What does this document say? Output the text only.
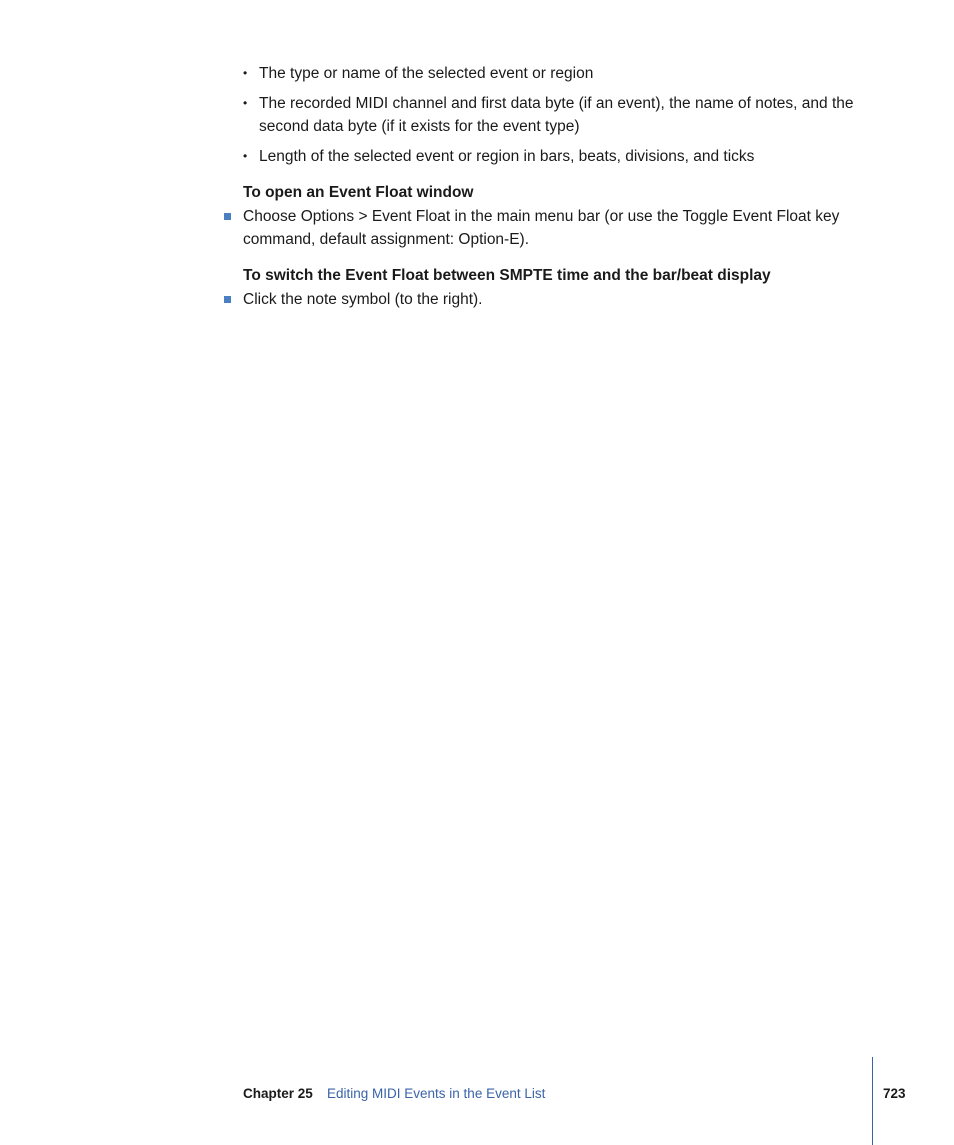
• The type or name of the selected event or region
• The recorded MIDI channel and first data byte (if an event), the name of notes, and the second data byte (if it exists for the event type)
• Length of the selected event or region in bars, beats, divisions, and ticks
To open an Event Float window
Choose Options > Event Float in the main menu bar (or use the Toggle Event Float key command, default assignment: Option-E).
To switch the Event Float between SMPTE time and the bar/beat display
Click the note symbol (to the right).
Chapter 25 Editing MIDI Events in the Event List	723
